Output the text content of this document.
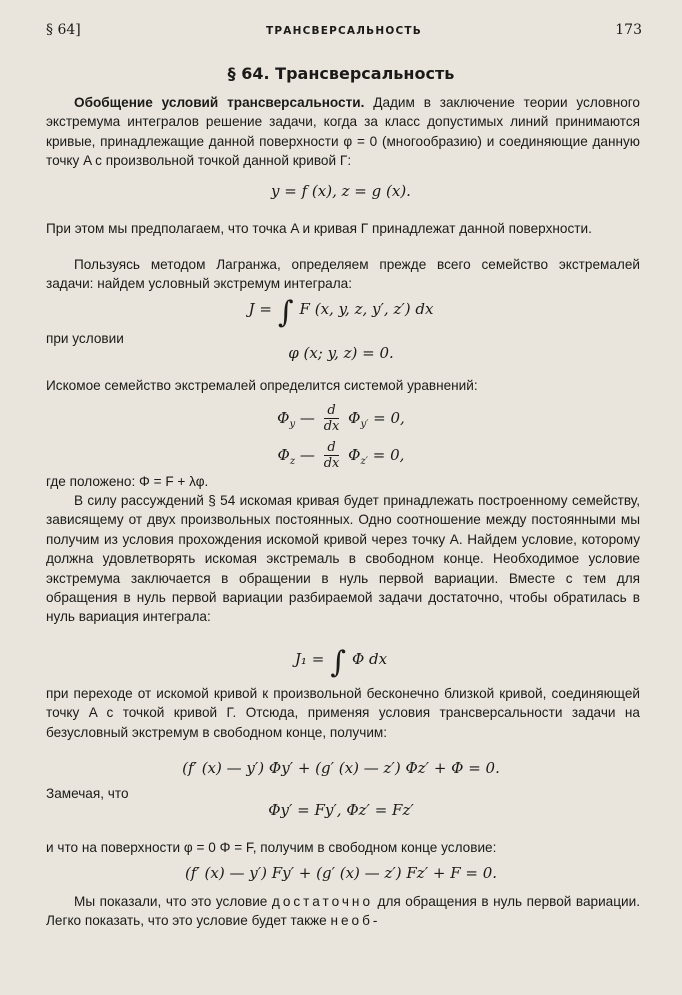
§ 64]	ТРАНСВЕРСАЛЬНОСТЬ	173
§ 64. Трансверсальность

Обобщение условий трансверсальности. Дадим в заключение теории условного экстремума интегралов решение задачи, когда за класс допустимых линий принимаются кривые, принадлежащие данной поверхности φ = 0 (многообразию) и соединяющие данную точку A с произвольной точкой данной кривой Γ:

y = f (x), z = g (x).

При этом мы предполагаем, что точка A и кривая Γ принадлежат данной поверхности.

Пользуясь методом Лагранжа, определяем прежде всего семейство экстремалей задачи: найдем условный экстремум интеграла:

J = ∫ F (x, y, z, y′, z′) dx

при условии

φ (x; y, z) = 0.

Искомое семейство экстремалей определится системой уравнений:

$\Phi_y$ — $\frac{d}{dx} \Phi_{y'} = 0$,
$\Phi_z$ — $\frac{d}{dx} \Phi_{z'} = 0$,

где положено: Φ = F + λφ.

В силу рассуждений § 54 искомая кривая будет принадлежать построенному семейству, зависящему от двух произвольных постоянных. Одно соотношение между постоянными мы получим из условия прохождения искомой кривой через точку A. Найдем условие, которому должна удовлетворять искомая экстремаль в свободном конце. Необходимое условие экстремума заключается в обращении в нуль первой вариации. Вместе с тем для обращения в нуль первой вариации разбираемой задачи достаточно, чтобы обратилась в нуль вариация интеграла:

J₁ = ∫ Φ dx

при переходе от искомой кривой к произвольной бесконечно близкой кривой, соединяющей точку A с точкой кривой Γ. Отсюда, применяя условия трансверсальности задачи на безусловный экстремум в свободном конце, получим:

(f′ (x) — y′) Φy′ + (g′ (x) — z′) Φz′ + Φ = 0.

Замечая, что

Φy′ = Fy′, Φz′ = Fz′

и что на поверхности φ = 0 Φ = F, получим в свободном конце условие:

(f′ (x) — y′) Fy′ + (g′ (x) — z′) Fz′ + F = 0.

Мы показали, что это условие достаточно для обращения в нуль первой вариации. Легко показать, что это условие будет также необ-
